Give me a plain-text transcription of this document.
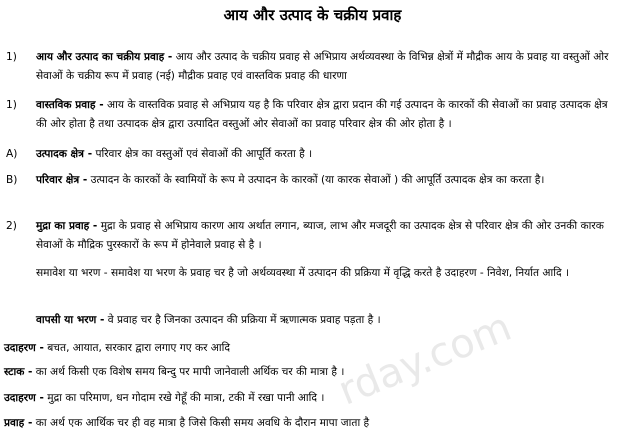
आय और उत्पाद के चक्रीय प्रवाह
1) आय और उत्पाद का चक्रीय प्रवाह - आय और उत्पाद के चक्रीय प्रवाह से अभिप्राय अर्थव्यवस्था के विभिन्न क्षेत्रों में मौद्रीक आय के प्रवाह या वस्तुओं ओर सेवाओं के चक्रीय रूप में प्रवाह (नई) मौद्रीक प्रवाह एवं वास्तविक प्रवाह की धारणा
1) वास्तविक प्रवाह - आय के वास्तविक प्रवाह से अभिप्राय यह है कि परिवार क्षेत्र द्वारा प्रदान की गई उत्पादन के कारकों की सेवाओं का प्रवाह उत्पादक क्षेत्र की ओर होता है तथा उत्पादक क्षेत्र द्वारा उत्पादित वस्तुओं ओर सेवाओं का प्रवाह परिवार क्षेत्र की ओर होता है ।
A) उत्पादक क्षेत्र - परिवार क्षेत्र का वस्तुओं एवं सेवाओं की आपूर्ति करता है ।
B) परिवार क्षेत्र - उत्पादन के कारकों के स्वामियों के रूप मे उत्पादन के कारकों (या कारक सेवाओं ) की आपूर्ति उत्पादक क्षेत्र का करता है।
2) मुद्रा का प्रवाह - मुद्रा के प्रवाह से अभिप्राय कारण आय अर्थात लगान, ब्याज, लाभ और मजदूरी का उत्पादक क्षेत्र से परिवार क्षेत्र की ओर उनकी कारक सेवाओं के मौद्रिक पुरस्कारों के रूप में होनेवाले प्रवाह से है ।
समावेश या भरण - समावेश या भरण के प्रवाह चर है जो अर्थव्यवस्था में उत्पादन की प्रक्रिया में वृद्धि करते है उदाहरण - निवेश, निर्यात आदि ।
वापसी या भरण - वे प्रवाह चर है जिनका उत्पादन की प्रक्रिया में ऋणात्मक प्रवाह पड़ता है ।
उदाहरण - बचत, आयात, सरकार द्वारा लगाए गए कर आदि
स्टाक - का अर्थ किसी एक विशेष समय बिन्दु पर मापी जानेवाली अर्थिक चर की मात्रा है ।
उदाहरण - मुद्रा का परिमाण, धन गोदाम रखे गेहूँ की मात्रा, टकी में रखा पानी आदि ।
प्रवाह - का अर्थ एक आर्थिक चर ही वह मात्रा है जिसे किसी समय अवधि के दौरान मापा जाता है
rday.com
